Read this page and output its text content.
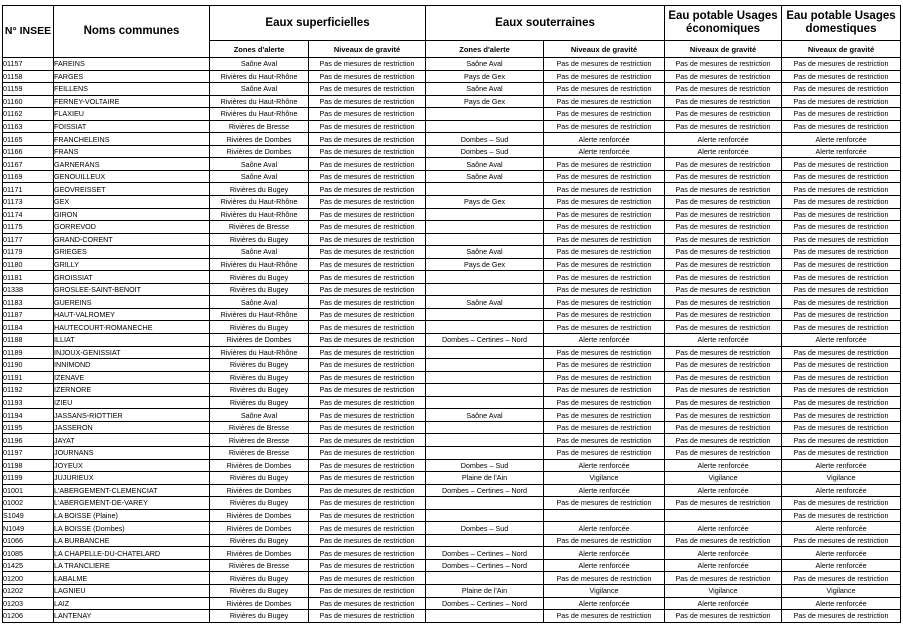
N° INSEE	Noms communes	Eaux superficielles		Eaux souterraines		Eau potable Usages économiques	Eau potable Usages domestiques
		Zones d'alerte	Niveaux de gravité	Zones d'alerte	Niveaux de gravité	Niveaux de gravité	Niveaux de gravité
01157	FAREINS	Saône Aval	Pas de mesures de restriction	Saône Aval	Pas de mesures de restriction	Pas de mesures de restriction	Pas de mesures de restriction
01158	FARGES	Rivières du Haut-Rhône	Pas de mesures de restriction	Pays de Gex	Pas de mesures de restriction	Pas de mesures de restriction	Pas de mesures de restriction
01159	FEILLENS	Saône Aval	Pas de mesures de restriction	Saône Aval	Pas de mesures de restriction	Pas de mesures de restriction	Pas de mesures de restriction
01160	FERNEY-VOLTAIRE	Rivières du Haut-Rhône	Pas de mesures de restriction	Pays de Gex	Pas de mesures de restriction	Pas de mesures de restriction	Pas de mesures de restriction
01162	FLAXIEU	Rivières du Haut-Rhône	Pas de mesures de restriction		Pas de mesures de restriction	Pas de mesures de restriction	Pas de mesures de restriction
01163	FOISSIAT	Rivières de Bresse	Pas de mesures de restriction		Pas de mesures de restriction	Pas de mesures de restriction	Pas de mesures de restriction
01165	FRANCHELEINS	Rivières de Dombes	Pas de mesures de restriction	Dombes – Sud	Alerte renforcée	Alerte renforcée	Alerte renforcée
01166	FRANS	Rivières de Dombes	Pas de mesures de restriction	Dombes – Sud	Alerte renforcée	Alerte renforcée	Alerte renforcée
01167	GARNERANS	Saône Aval	Pas de mesures de restriction	Saône Aval	Pas de mesures de restriction	Pas de mesures de restriction	Pas de mesures de restriction
01169	GENOUILLEUX	Saône Aval	Pas de mesures de restriction	Saône Aval	Pas de mesures de restriction	Pas de mesures de restriction	Pas de mesures de restriction
01171	GEOVREISSET	Rivières du Bugey	Pas de mesures de restriction		Pas de mesures de restriction	Pas de mesures de restriction	Pas de mesures de restriction
01173	GEX	Rivières du Haut-Rhône	Pas de mesures de restriction	Pays de Gex	Pas de mesures de restriction	Pas de mesures de restriction	Pas de mesures de restriction
01174	GIRON	Rivières du Haut-Rhône	Pas de mesures de restriction		Pas de mesures de restriction	Pas de mesures de restriction	Pas de mesures de restriction
01175	GORREVOD	Rivières de Bresse	Pas de mesures de restriction		Pas de mesures de restriction	Pas de mesures de restriction	Pas de mesures de restriction
01177	GRAND-CORENT	Rivières du Bugey	Pas de mesures de restriction		Pas de mesures de restriction	Pas de mesures de restriction	Pas de mesures de restriction
01179	GRIEGES	Saône Aval	Pas de mesures de restriction	Saône Aval	Pas de mesures de restriction	Pas de mesures de restriction	Pas de mesures de restriction
01180	GRILLY	Rivières du Haut-Rhône	Pas de mesures de restriction	Pays de Gex	Pas de mesures de restriction	Pas de mesures de restriction	Pas de mesures de restriction
01181	GROISSIAT	Rivières du Bugey	Pas de mesures de restriction		Pas de mesures de restriction	Pas de mesures de restriction	Pas de mesures de restriction
01338	GROSLEE-SAINT-BENOIT	Rivières du Bugey	Pas de mesures de restriction		Pas de mesures de restriction	Pas de mesures de restriction	Pas de mesures de restriction
01183	GUEREINS	Saône Aval	Pas de mesures de restriction	Saône Aval	Pas de mesures de restriction	Pas de mesures de restriction	Pas de mesures de restriction
01187	HAUT-VALROMEY	Rivières du Haut-Rhône	Pas de mesures de restriction		Pas de mesures de restriction	Pas de mesures de restriction	Pas de mesures de restriction
01184	HAUTECOURT-ROMANECHE	Rivières du Bugey	Pas de mesures de restriction		Pas de mesures de restriction	Pas de mesures de restriction	Pas de mesures de restriction
01188	ILLIAT	Rivières de Dombes	Pas de mesures de restriction	Dombes – Certines – Nord	Alerte renforcée	Alerte renforcée	Alerte renforcée
01189	INJOUX-GENISSIAT	Rivières du Haut-Rhône	Pas de mesures de restriction		Pas de mesures de restriction	Pas de mesures de restriction	Pas de mesures de restriction
01190	INNIMOND	Rivières du Bugey	Pas de mesures de restriction		Pas de mesures de restriction	Pas de mesures de restriction	Pas de mesures de restriction
01191	IZENAVE	Rivières du Bugey	Pas de mesures de restriction		Pas de mesures de restriction	Pas de mesures de restriction	Pas de mesures de restriction
01192	IZERNORE	Rivières du Bugey	Pas de mesures de restriction		Pas de mesures de restriction	Pas de mesures de restriction	Pas de mesures de restriction
01193	IZIEU	Rivières du Bugey	Pas de mesures de restriction		Pas de mesures de restriction	Pas de mesures de restriction	Pas de mesures de restriction
01194	JASSANS-RIOTTIER	Saône Aval	Pas de mesures de restriction	Saône Aval	Pas de mesures de restriction	Pas de mesures de restriction	Pas de mesures de restriction
01195	JASSERON	Rivières de Bresse	Pas de mesures de restriction		Pas de mesures de restriction	Pas de mesures de restriction	Pas de mesures de restriction
01196	JAYAT	Rivières de Bresse	Pas de mesures de restriction		Pas de mesures de restriction	Pas de mesures de restriction	Pas de mesures de restriction
01197	JOURNANS	Rivières de Bresse	Pas de mesures de restriction		Pas de mesures de restriction	Pas de mesures de restriction	Pas de mesures de restriction
01198	JOYEUX	Rivières de Dombes	Pas de mesures de restriction	Dombes – Sud	Alerte renforcée	Alerte renforcée	Alerte renforcée
01199	JUJURIEUX	Rivières du Bugey	Pas de mesures de restriction	Plaine de l'Ain	Vigilance	Vigilance	Vigilance
01001	L'ABERGEMENT-CLEMENCIAT	Rivières de Dombes	Pas de mesures de restriction	Dombes – Certines – Nord	Alerte renforcée	Alerte renforcée	Alerte renforcée
01002	L'ABERGEMENT-DE-VAREY	Rivières du Bugey	Pas de mesures de restriction		Pas de mesures de restriction	Pas de mesures de restriction	Pas de mesures de restriction
S1049	LA BOISSE (Plaine)	Rivières de Dombes	Pas de mesures de restriction				Pas de mesures de restriction
N1049	LA BOISSE (Dombes)	Rivières de Dombes	Pas de mesures de restriction	Dombes – Sud	Alerte renforcée	Alerte renforcée	Alerte renforcée
01066	LA BURBANCHE	Rivières du Bugey	Pas de mesures de restriction		Pas de mesures de restriction	Pas de mesures de restriction	Pas de mesures de restriction
01085	LA CHAPELLE-DU-CHATELARD	Rivières de Dombes	Pas de mesures de restriction	Dombes – Certines – Nord	Alerte renforcée	Alerte renforcée	Alerte renforcée
01425	LA TRANCLIERE	Rivières de Bresse	Pas de mesures de restriction	Dombes – Certines – Nord	Alerte renforcée	Alerte renforcée	Alerte renforcée
01200	LABALME	Rivières du Bugey	Pas de mesures de restriction		Pas de mesures de restriction	Pas de mesures de restriction	Pas de mesures de restriction
01202	LAGNIEU	Rivières du Bugey	Pas de mesures de restriction	Plaine de l'Ain	Vigilance	Vigilance	Vigilance
01203	LAIZ	Rivières de Dombes	Pas de mesures de restriction	Dombes – Certines – Nord	Alerte renforcée	Alerte renforcée	Alerte renforcée
01206	LANTENAY	Rivières du Bugey	Pas de mesures de restriction		Pas de mesures de restriction	Pas de mesures de restriction	Pas de mesures de restriction
